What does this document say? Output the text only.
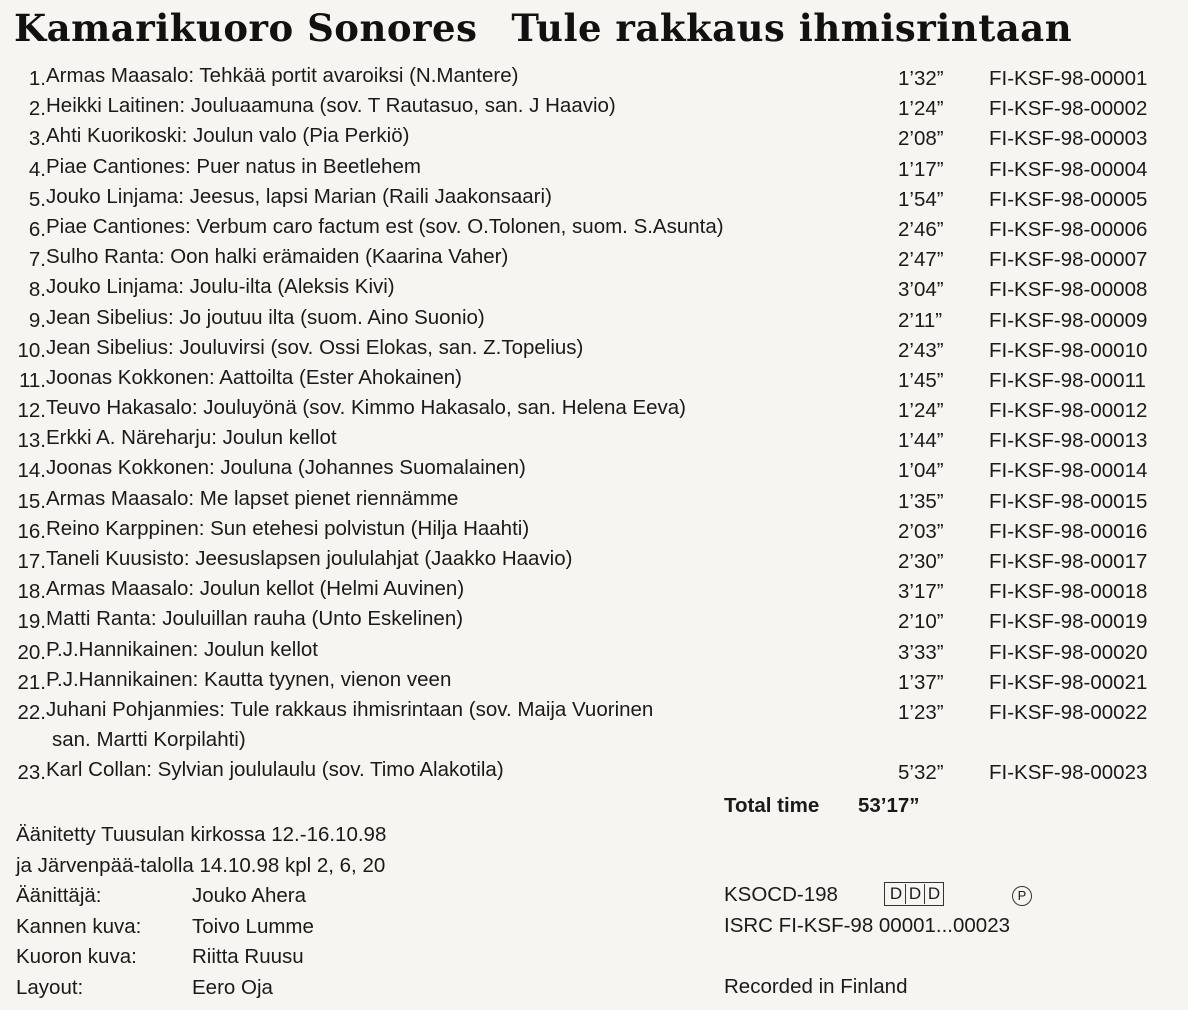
Kamarikuoro Sonores Tule rakkaus ihmisrintaan
1. Armas Maasalo: Tehkää portit avaroiksi (N.Mantere)	1’32” FI-KSF-98-00001
2. Heikki Laitinen: Jouluaamuna (sov. T Rautasuo, san. J Haavio)	1’24” FI-KSF-98-00002
3. Ahti Kuorikoski: Joulun valo (Pia Perkiö)	2’08” FI-KSF-98-00003
4. Piae Cantiones: Puer natus in Beetlehem	1’17” FI-KSF-98-00004
5. Jouko Linjama: Jeesus, lapsi Marian (Raili Jaakonsaari)	1’54” FI-KSF-98-00005
6. Piae Cantiones: Verbum caro factum est (sov. O.Tolonen, suom. S.Asunta)	2’46” FI-KSF-98-00006
7. Sulho Ranta: Oon halki erämaiden (Kaarina Vaher)	2’47” FI-KSF-98-00007
8. Jouko Linjama: Joulu-ilta (Aleksis Kivi)	3’04” FI-KSF-98-00008
9. Jean Sibelius: Jo joutuu ilta (suom. Aino Suonio)	2’11” FI-KSF-98-00009
10. Jean Sibelius: Jouluvirsi (sov. Ossi Elokas, san. Z.Topelius)	2’43” FI-KSF-98-00010
11. Joonas Kokkonen: Aattoilta (Ester Ahokainen)	1’45” FI-KSF-98-00011
12. Teuvo Hakasalo: Jouluyönä (sov. Kimmo Hakasalo, san. Helena Eeva)	1’24” FI-KSF-98-00012
13. Erkki A. Näreharju: Joulun kellot	1’44” FI-KSF-98-00013
14. Joonas Kokkonen: Jouluna (Johannes Suomalainen)	1’04” FI-KSF-98-00014
15. Armas Maasalo: Me lapset pienet riennämme	1’35” FI-KSF-98-00015
16. Reino Karppinen: Sun etehesi polvistun (Hilja Haahti)	2’03” FI-KSF-98-00016
17. Taneli Kuusisto: Jeesuslapsen joululahjat (Jaakko Haavio)	2’30” FI-KSF-98-00017
18. Armas Maasalo: Joulun kellot (Helmi Auvinen)	3’17” FI-KSF-98-00018
19. Matti Ranta: Jouluillan rauha (Unto Eskelinen)	2’10” FI-KSF-98-00019
20. P.J.Hannikainen: Joulun kellot	3’33” FI-KSF-98-00020
21. P.J.Hannikainen: Kautta tyynen, vienon veen	1’37” FI-KSF-98-00021
22. Juhani Pohjanmies: Tule rakkaus ihmisrintaan (sov. Maija Vuorinen
san. Martti Korpilahti)
1’23” FI-KSF-98-00022
23. Karl Collan: Sylvian joululaulu (sov. Timo Alakotila)	5’32” FI-KSF-98-00023
Total time 53’17”
Äänitetty Tuusulan kirkossa 12.-16.10.98
ja Järvenpää-talolla 14.10.98 kpl 2, 6, 20
Äänittäjä:	Jouko Ahera
Kannen kuva: Toivo Lumme
Kuoron kuva:	Riitta Ruusu
Layout:	Eero Oja
KSOCD-198	D D D	P
ISRC FI-KSF-98 00001...00023
Recorded in Finland
